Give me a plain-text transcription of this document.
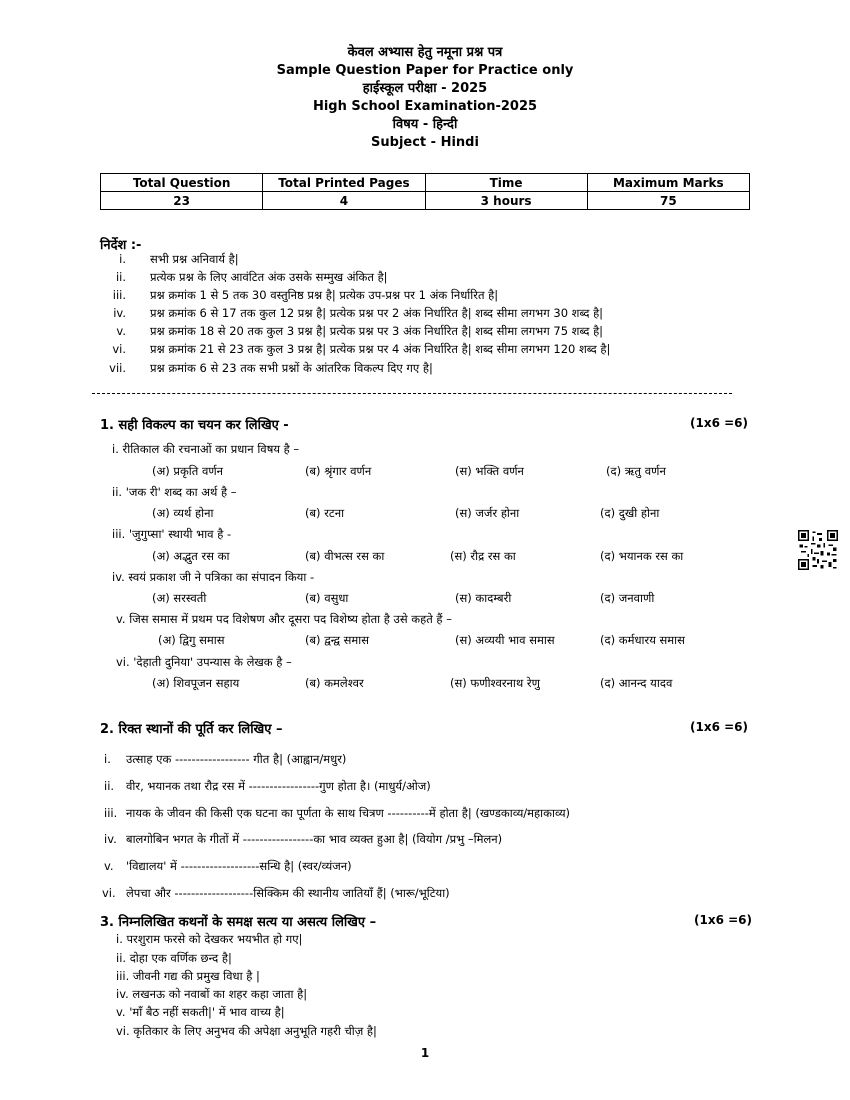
केवल अभ्यास हेतु नमूना प्रश्न पत्र
Sample Question Paper for Practice only
हाईस्कूल परीक्षा - 2025
High School Examination-2025
विषय - हिन्दी
Subject - Hindi
Total Question	Total Printed Pages	Time	Maximum Marks
23	4	3 hours	75
निर्देश :-
i. सभी प्रश्न अनिवार्य है|
ii. प्रत्येक प्रश्न के लिए आवंटित अंक उसके सम्मुख अंकित है|
iii. प्रश्न क्रमांक 1 से 5 तक 30 वस्तुनिष्ठ प्रश्न है| प्रत्येक उप-प्रश्न पर 1 अंक निर्धारित है|
iv. प्रश्न क्रमांक 6 से 17 तक कुल 12 प्रश्न है| प्रत्येक प्रश्न पर 2 अंक निर्धारित है| शब्द सीमा लगभग 30 शब्द है|
v. प्रश्न क्रमांक 18 से 20 तक कुल 3 प्रश्न है| प्रत्येक प्रश्न पर 3 अंक निर्धारित है| शब्द सीमा लगभग 75 शब्द है|
vi. प्रश्न क्रमांक 21 से 23 तक कुल 3 प्रश्न है| प्रत्येक प्रश्न पर 4 अंक निर्धारित है| शब्द सीमा लगभग 120 शब्द है|
vii. प्रश्न क्रमांक 6 से 23 तक सभी प्रश्नों के आंतरिक विकल्प दिए गए है|
1. सही विकल्प का चयन कर लिखिए -	(1x6 =6)
i. रीतिकाल की रचनाओं का प्रधान विषय है –
(अ) प्रकृति वर्णन	(ब) श्रृंगार वर्णन	(स) भक्ति वर्णन	(द) ऋतु वर्णन
ii. 'जक री' शब्द का अर्थ है –
(अ) व्यर्थ होना	(ब) रटना	(स) जर्जर होना	(द) दुखी होना
iii. 'जुगुप्सा' स्थायी भाव है -
(अ) अद्भुत रस का	(ब) वीभत्स रस का	(स) रौद्र रस का	(द) भयानक रस का
iv. स्वयं प्रकाश जी ने पत्रिका का संपादन किया -
(अ) सरस्वती	(ब) वसुधा	(स) कादम्बरी	(द) जनवाणी
v. जिस समास में प्रथम पद विशेषण और दूसरा पद विशेष्य होता है उसे कहते हैं –
(अ) द्विगु समास	(ब) द्वन्द्व समास	(स) अव्ययी भाव समास	(द) कर्मधारय समास
vi. 'देहाती दुनिया' उपन्यास के लेखक है –
(अ) शिवपूजन सहाय	(ब) कमलेश्वर	(स) फणीश्वरनाथ रेणु	(द) आनन्द यादव
2. रिक्त स्थानों की पूर्ति कर लिखिए –	(1x6 =6)
i. उत्साह एक ------------------ गीत है| (आह्वान/मधुर)
ii. वीर, भयानक तथा रौद्र रस में -----------------गुण होता है। (माधुर्य/ओज)
iii. नायक के जीवन की किसी एक घटना का पूर्णता के साथ चित्रण ----------में होता है| (खण्डकाव्य/महाकाव्य)
iv. बालगोबिन भगत के गीतों में -----------------का भाव व्यक्त हुआ है| (वियोग /प्रभु –मिलन)
v. 'विद्यालय' में -------------------सन्धि है| (स्वर/व्यंजन)
vi. लेपचा और -------------------सिक्किम की स्थानीय जातियाँ हैं| (भारू/भूटिया)
3. निम्नलिखित कथनों के समक्ष सत्य या असत्य लिखिए –	(1x6 =6)
i. परशुराम फरसे को देखकर भयभीत हो गए|
ii. दोहा एक वर्णिक छन्द है|
iii. जीवनी गद्य की प्रमुख विधा है |
iv. लखनऊ को नवाबों का शहर कहा जाता है|
v. 'माँ बैठ नहीं सकती|' में भाव वाच्य है|
vi. कृतिकार के लिए अनुभव की अपेक्षा अनुभूति गहरी चीज़ है|
1
